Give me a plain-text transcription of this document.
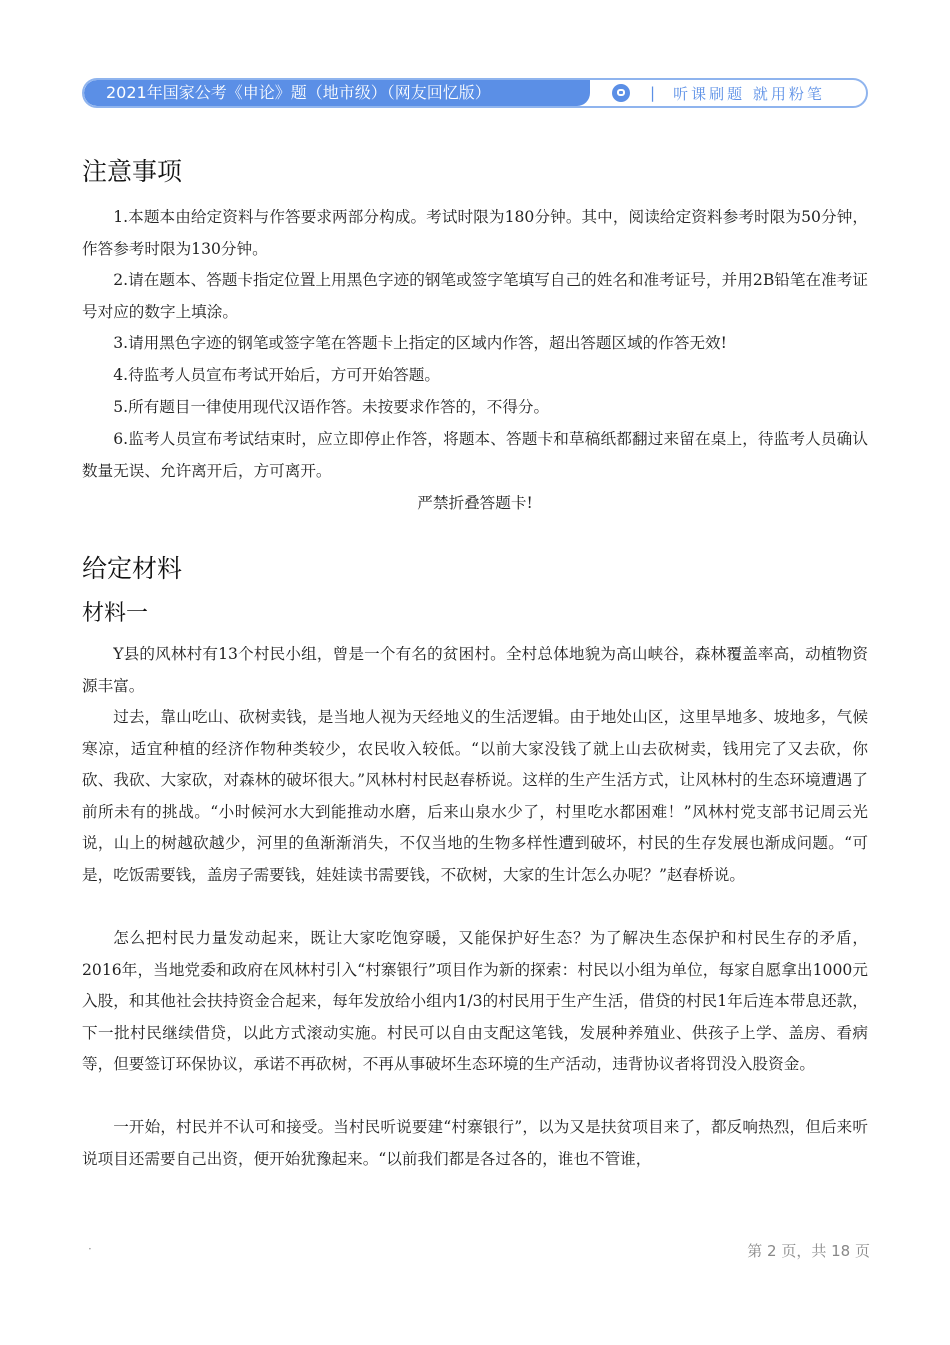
2021年国家公考《申论》题（地市级）（网友回忆版）	| 听课刷题 就用粉笔
注意事项

1.本题本由给定资料与作答要求两部分构成。考试时限为180分钟。其中，阅读给定资料参考时限为50分钟，作答参考时限为130分钟。

2.请在题本、答题卡指定位置上用黑色字迹的钢笔或签字笔填写自己的姓名和准考证号，并用2B铅笔在准考证号对应的数字上填涂。

3.请用黑色字迹的钢笔或签字笔在答题卡上指定的区域内作答，超出答题区域的作答无效!

4.待监考人员宣布考试开始后，方可开始答题。

5.所有题目一律使用现代汉语作答。未按要求作答的，不得分。

6.监考人员宣布考试结束时，应立即停止作答，将题本、答题卡和草稿纸都翻过来留在桌上，待监考人员确认数量无误、允许离开后，方可离开。

严禁折叠答题卡!
给定材料
材料一

Y县的风林村有13个村民小组，曾是一个有名的贫困村。全村总体地貌为高山峡谷，森林覆盖率高，动植物资源丰富。

过去，靠山吃山、砍树卖钱，是当地人视为天经地义的生活逻辑。由于地处山区，这里旱地多、坡地多，气候寒凉，适宜种植的经济作物种类较少，农民收入较低。“以前大家没钱了就上山去砍树卖，钱用完了又去砍，你砍、我砍、大家砍，对森林的破坏很大。”风林村村民赵春桥说。这样的生产生活方式，让风林村的生态环境遭遇了前所未有的挑战。“小时候河水大到能推动水磨，后来山泉水少了，村里吃水都困难！”风林村党支部书记周云光说，山上的树越砍越少，河里的鱼渐渐消失，不仅当地的生物多样性遭到破坏，村民的生存发展也渐成问题。“可是，吃饭需要钱，盖房子需要钱，娃娃读书需要钱，不砍树，大家的生计怎么办呢？”赵春桥说。

怎么把村民力量发动起来，既让大家吃饱穿暖，又能保护好生态？为了解决生态保护和村民生存的矛盾，2016年，当地党委和政府在风林村引入“村寨银行”项目作为新的探索：村民以小组为单位，每家自愿拿出1000元入股，和其他社会扶持资金合起来，每年发放给小组内1/3的村民用于生产生活，借贷的村民1年后连本带息还款，下一批村民继续借贷，以此方式滚动实施。村民可以自由支配这笔钱，发展种养殖业、供孩子上学、盖房、看病等，但要签订环保协议，承诺不再砍树，不再从事破坏生态环境的生产活动，违背协议者将罚没入股资金。

一开始，村民并不认可和接受。当村民听说要建“村寨银行”，以为又是扶贫项目来了，都反响热烈，但后来听说项目还需要自己出资，便开始犹豫起来。“以前我们都是各过各的，谁也不管谁，

·	第 2 页，共 18 页
